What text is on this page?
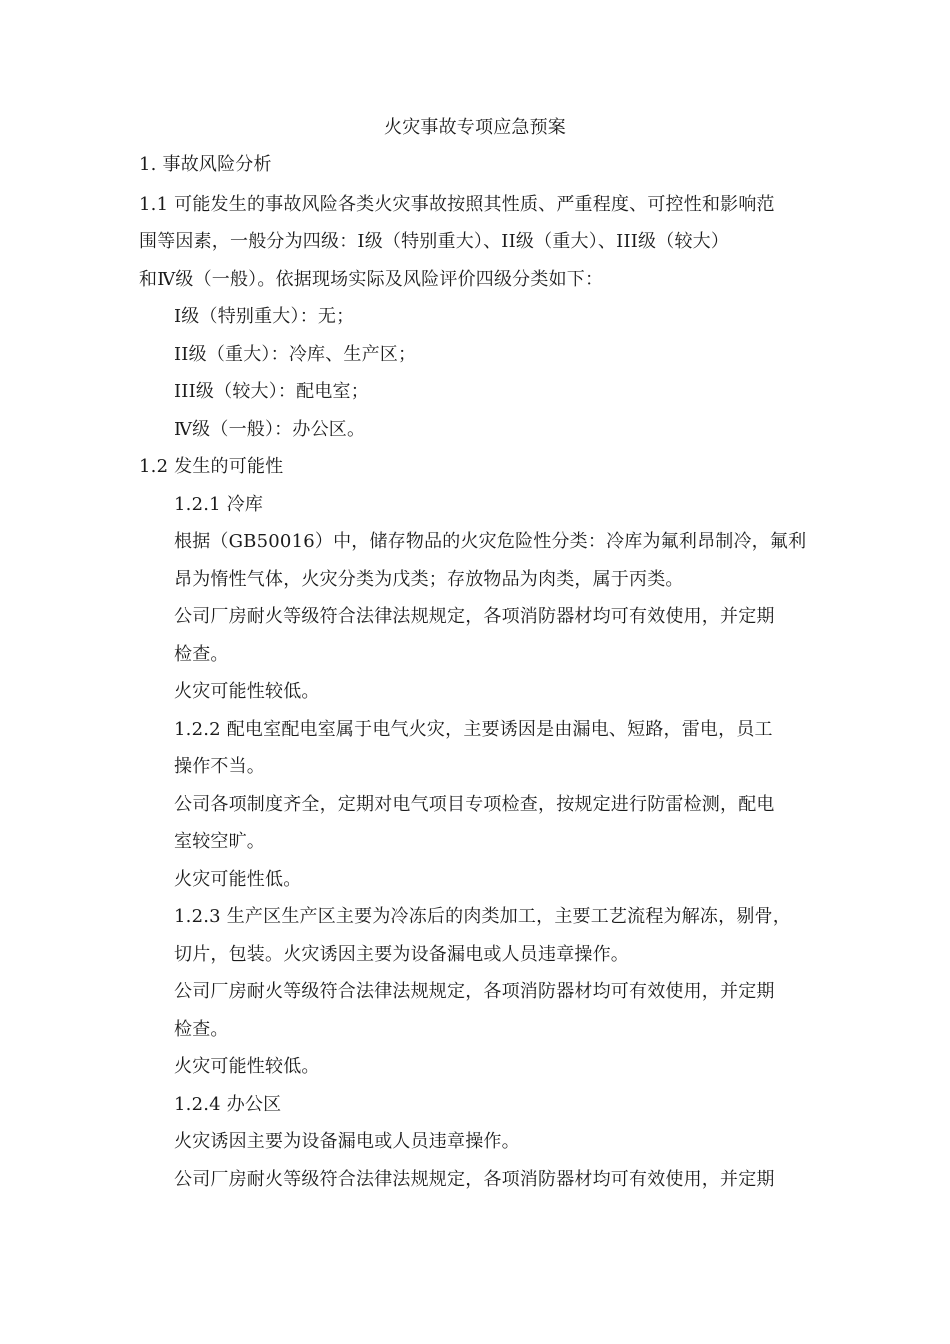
火灾事故专项应急预案
1. 事故风险分析
1.1 可能发生的事故风险各类火灾事故按照其性质、严重程度、可控性和影响范
围等因素，一般分为四级：Ⅰ级（特别重大）、II级（重大）、III级（较大）
和Ⅳ级（一般）。依据现场实际及风险评价四级分类如下：
Ⅰ级（特别重大）：无；
II级（重大）：冷库、生产区；
III级（较大）：配电室；
Ⅳ级（一般）：办公区。
1.2 发生的可能性
1.2.1 冷库
根据（GB50016）中，储存物品的火灾危险性分类：冷库为氟利昂制冷，氟利
昂为惰性气体，火灾分类为戊类；存放物品为肉类，属于丙类。
公司厂房耐火等级符合法律法规规定，各项消防器材均可有效使用，并定期
检查。
火灾可能性较低。
1.2.2 配电室配电室属于电气火灾，主要诱因是由漏电、短路，雷电，员工
操作不当。
公司各项制度齐全，定期对电气项目专项检查，按规定进行防雷检测，配电
室较空旷。
火灾可能性低。
1.2.3 生产区生产区主要为冷冻后的肉类加工，主要工艺流程为解冻，剔骨，
切片，包装。火灾诱因主要为设备漏电或人员违章操作。
公司厂房耐火等级符合法律法规规定，各项消防器材均可有效使用，并定期
检查。
火灾可能性较低。
1.2.4 办公区
火灾诱因主要为设备漏电或人员违章操作。
公司厂房耐火等级符合法律法规规定，各项消防器材均可有效使用，并定期
